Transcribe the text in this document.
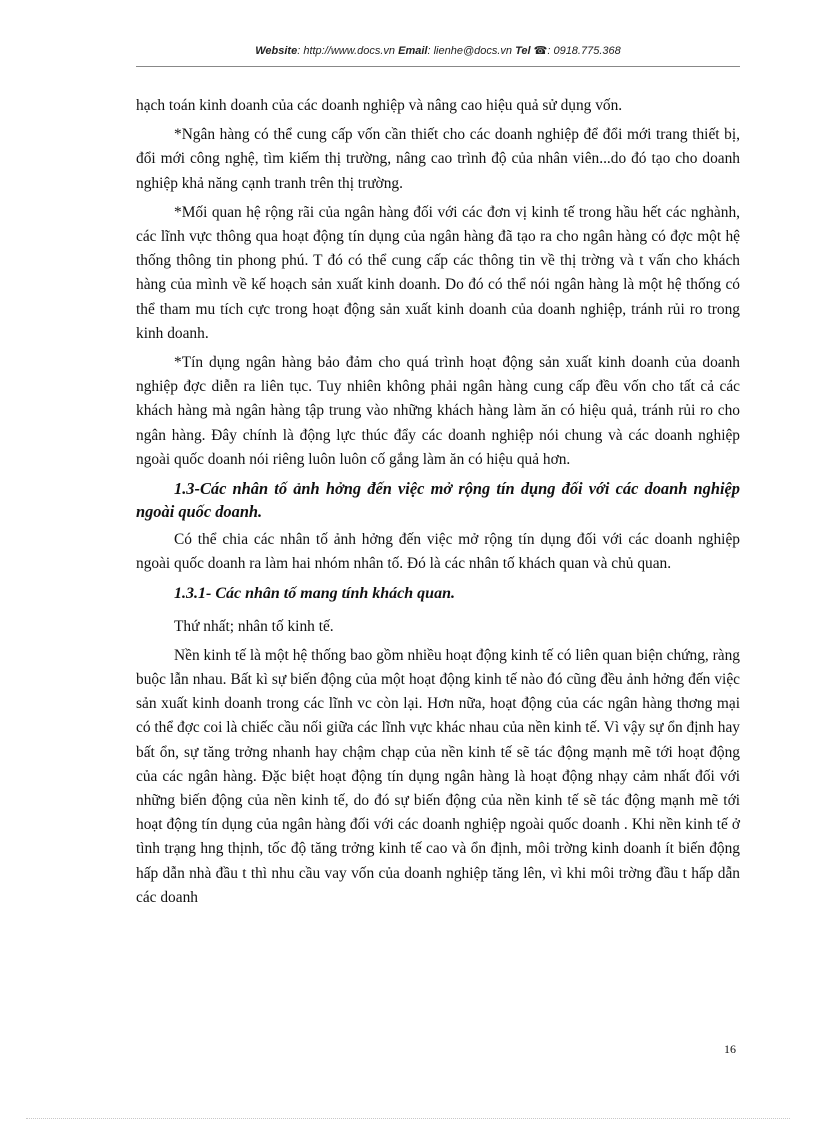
Website: http://www.docs.vn Email: lienhe@docs.vn Tel ☎: 0918.775.368

hạch toán kinh doanh của các doanh nghiệp và nâng cao hiệu quả sử dụng vốn.

*Ngân hàng có thể cung cấp vốn cần thiết cho các doanh nghiệp để đổi mới trang thiết bị, đổi mới công nghệ, tìm kiếm thị trường, nâng cao trình độ của nhân viên...do đó tạo cho doanh nghiệp khả năng cạnh tranh trên thị trường.

*Mối quan hệ rộng rãi của ngân hàng đối với các đơn vị kinh tế trong hầu hết các nghành, các lĩnh vực thông qua hoạt động tín dụng của ngân hàng đã tạo ra cho ngân hàng có đợc một hệ thống thông tin phong phú. T đó có thể cung cấp các thông tin về thị trờng và t vấn cho khách hàng của mình về kế hoạch sản xuất kinh doanh. Do đó có thể nói ngân hàng là một hệ thống có thể tham mu tích cực trong hoạt động sản xuất kinh doanh của doanh nghiệp, tránh rủi ro trong kinh doanh.

*Tín dụng ngân hàng bảo đảm cho quá trình hoạt động sản xuất kinh doanh của doanh nghiệp đợc diễn ra liên tục. Tuy nhiên không phải ngân hàng cung cấp đều vốn cho tất cả các khách hàng mà ngân hàng tập trung vào những khách hàng làm ăn có hiệu quả, tránh rủi ro cho ngân hàng. Đây chính là động lực thúc đẩy các doanh nghiệp nói chung và các doanh nghiệp ngoài quốc doanh nói riêng luôn luôn cố gắng làm ăn có hiệu quả hơn.

1.3-Các nhân tố ảnh hởng đến việc mở rộng tín dụng đối với các doanh nghiệp ngoài quốc doanh.

Có thể chia các nhân tố ảnh hởng đến việc mở rộng tín dụng đối với các doanh nghiệp ngoài quốc doanh ra làm hai nhóm nhân tố. Đó là các nhân tố khách quan và chủ quan.

1.3.1- Các nhân tố mang tính khách quan.

Thứ nhất; nhân tố kinh tế.

Nền kinh tế là một hệ thống bao gồm nhiều hoạt động kinh tế có liên quan biện chứng, ràng buộc lẫn nhau. Bất kì sự biến động của một hoạt động kinh tế nào đó cũng đều ảnh hởng đến việc sản xuất kinh doanh trong các lĩnh vc còn lại. Hơn nữa, hoạt động của các ngân hàng thơng mại có thể đợc coi là chiếc cầu nối giữa các lĩnh vực khác nhau của nền kinh tế. Vì vậy sự ổn định hay bất ổn, sự tăng trởng nhanh hay chậm chạp của nền kinh tế sẽ tác động mạnh mẽ tới hoạt động của các ngân hàng. Đặc biệt hoạt động tín dụng ngân hàng là hoạt động nhạy cảm nhất đối với những biến động của nền kinh tế, do đó sự biến động của nền kinh tế sẽ tác động mạnh mẽ tới hoạt động tín dụng của ngân hàng đối với các doanh nghiệp ngoài quốc doanh . Khi nền kinh tế ở tình trạng hng thịnh, tốc độ tăng trởng kinh tế cao và ổn định, môi trờng kinh doanh ít biến động hấp dẫn nhà đầu t thì nhu cầu vay vốn của doanh nghiệp tăng lên, vì khi môi trờng đầu t hấp dẫn các doanh

16
